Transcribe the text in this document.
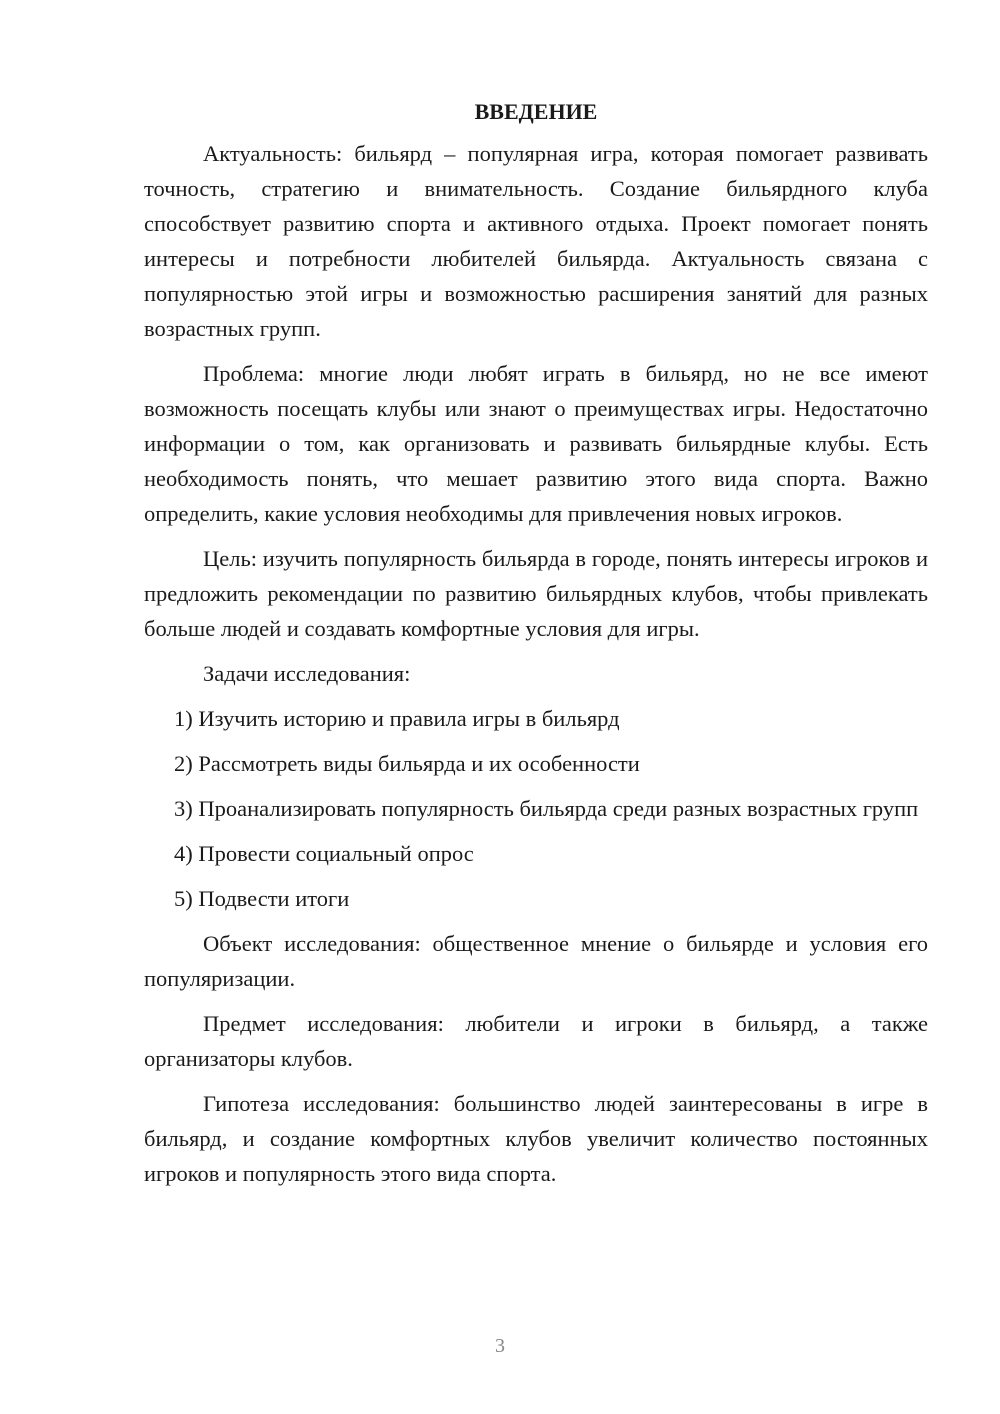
ВВЕДЕНИЕ

Актуальность: бильярд – популярная игра, которая помогает развивать точность, стратегию и внимательность. Создание бильярдного клуба способствует развитию спорта и активного отдыха. Проект помогает понять интересы и потребности любителей бильярда. Актуальность связана с популярностью этой игры и возможностью расширения занятий для разных возрастных групп.

Проблема: многие люди любят играть в бильярд, но не все имеют возможность посещать клубы или знают о преимуществах игры. Недостаточно информации о том, как организовать и развивать бильярдные клубы. Есть необходимость понять, что мешает развитию этого вида спорта. Важно определить, какие условия необходимы для привлечения новых игроков.

Цель: изучить популярность бильярда в городе, понять интересы игроков и предложить рекомендации по развитию бильярдных клубов, чтобы привлекать больше людей и создавать комфортные условия для игры.

Задачи исследования:

1) Изучить историю и правила игры в бильярд

2) Рассмотреть виды бильярда и их особенности

3) Проанализировать популярность бильярда среди разных возрастных групп

4) Провести социальный опрос

5) Подвести итоги

Объект исследования: общественное мнение о бильярде и условия его популяризации.

Предмет исследования: любители и игроки в бильярд, а также организаторы клубов.

Гипотеза исследования: большинство людей заинтересованы в игре в бильярд, и создание комфортных клубов увеличит количество постоянных игроков и популярность этого вида спорта.

3
